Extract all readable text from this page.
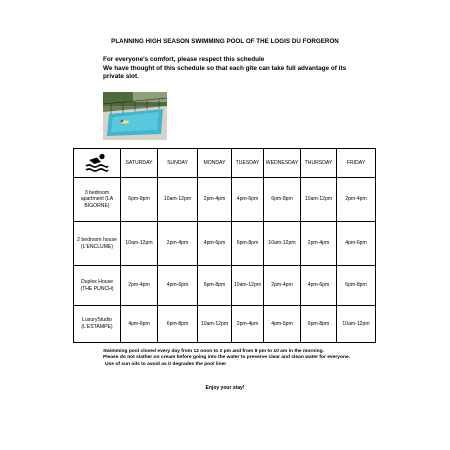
PLANNING HIGH SEASON SWIMMING POOL OF THE LOGIS DU FORGERON
For everyone's comfort, please respect this schedule
We have thought of this schedule so that each gîte can take full advantage of its private slot.
	SATURDAY	SUNDAY	MONDAY	TUESDAY	WEDNESDAY	THURSDAY	FRIDAY
3 bedroom apartment (LA BIGORNE)	6pm-8pm	10am-12pm	2pm-4pm	4pm-6pm	6pm-8pm	10am-12pm	2pm-4pm
2 bedroom house (L'ENCLUME)	10am-12pm	2pm-4pm	4pm-6pm	6pm-8pm	10am-12pm	2pm-4pm	4pm-6pm
Duplex House (THE PUNCH)	2pm-4pm	4pm-6pm	6pm-8pm	10am-12pm	2pm-4pm	4pm-6pm	6pm-8pm
LuxuryStudio (L'ESTAMPE)	4pm-6pm	6pm-8pm	10am-12pm	2pm-4pm	4pm-6pm	6pm-8pm	10am-12pm

Swimming pool closed every day from 12 noon to 2 pm and from 8 pm to 10 am in the morning.

Please do not slather on cream before going into the water to preserve clear and clean water for everyone.

Use of sun oils to avoid as it degrades the pool liner

Enjoy your stay!
